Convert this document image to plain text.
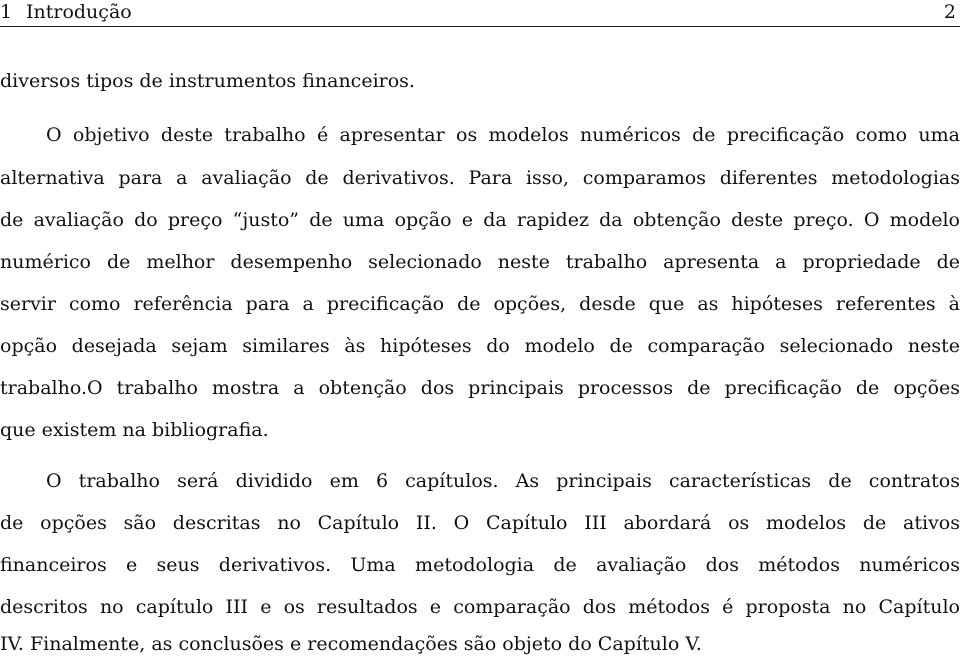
1 Introdução	2
diversos tipos de instrumentos financeiros.
O objetivo deste trabalho é apresentar os modelos numéricos de precificação como uma
alternativa para a avaliação de derivativos. Para isso, comparamos diferentes metodologias
de avaliação do preço “justo” de uma opção e da rapidez da obtenção deste preço. O modelo
numérico de melhor desempenho selecionado neste trabalho apresenta a propriedade de
servir como referência para a precificação de opções, desde que as hipóteses referentes à
opção desejada sejam similares às hipóteses do modelo de comparação selecionado neste
trabalho.O trabalho mostra a obtenção dos principais processos de precificação de opções
que existem na bibliografia.
O trabalho será dividido em 6 capítulos. As principais características de contratos
de opções são descritas no Capítulo II. O Capítulo III abordará os modelos de ativos
financeiros e seus derivativos. Uma metodologia de avaliação dos métodos numéricos
descritos no capítulo III e os resultados e comparação dos métodos é proposta no Capítulo
IV. Finalmente, as conclusões e recomendações são objeto do Capítulo V.
